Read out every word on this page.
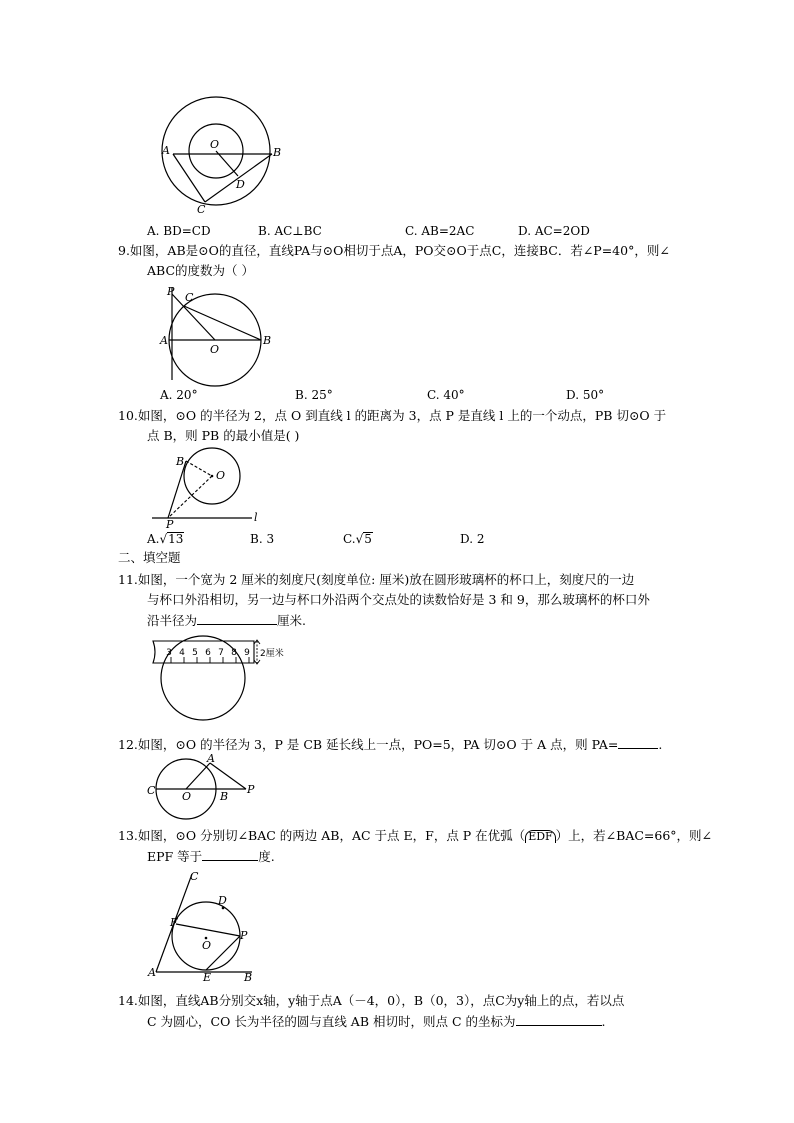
A	B
O
D
C
A. BD=CD	B. AC⊥BC	C. AB=2AC	D. AC=2OD
9.如图，AB是⊙O的直径，直线PA与⊙O相切于点A，PO交⊙O于点C，连接BC．若∠P=40°，则∠
ABC的度数为（ ）
P C
A
O
B
A. 20°	B. 25°	C. 40°	D. 50°
10.如图，⊙O 的半径为 2，点 O 到直线 l 的距离为 3，点 P 是直线 l 上的一个动点，PB 切⊙O 于
点 B，则 PB 的最小值是( )
B
O
P
l
A.√13	B. 3	C.√5	D. 2
二、填空题
11.如图，一个宽为 2 厘米的刻度尺(刻度单位: 厘米)放在圆形玻璃杯的杯口上，刻度尺的一边
与杯口外沿相切，另一边与杯口外沿两个交点处的读数恰好是 3 和 9，那么玻璃杯的杯口外
沿半径为	厘米.
3 4 5 6 7 8 9 2厘米
12.如图，⊙O 的半径为 3，P 是 CB 延长线上一点，PO=5，PA 切⊙O 于 A 点，则 PA=	.
A
C O	B
P
13.如图，⊙O 分别切∠BAC 的两边 AB，AC 于点 E，F，点 P 在优弧（ EDF ）上，若∠BAC=66°，则∠
EPF 等于	度.
C
D
F
P
O
A	E	B
14.如图，直线AB分别交x轴，y轴于点A（－4，0），B（0，3），点C为y轴上的点，若以点
C 为圆心，CO 长为半径的圆与直线 AB 相切时，则点 C 的坐标为	.
